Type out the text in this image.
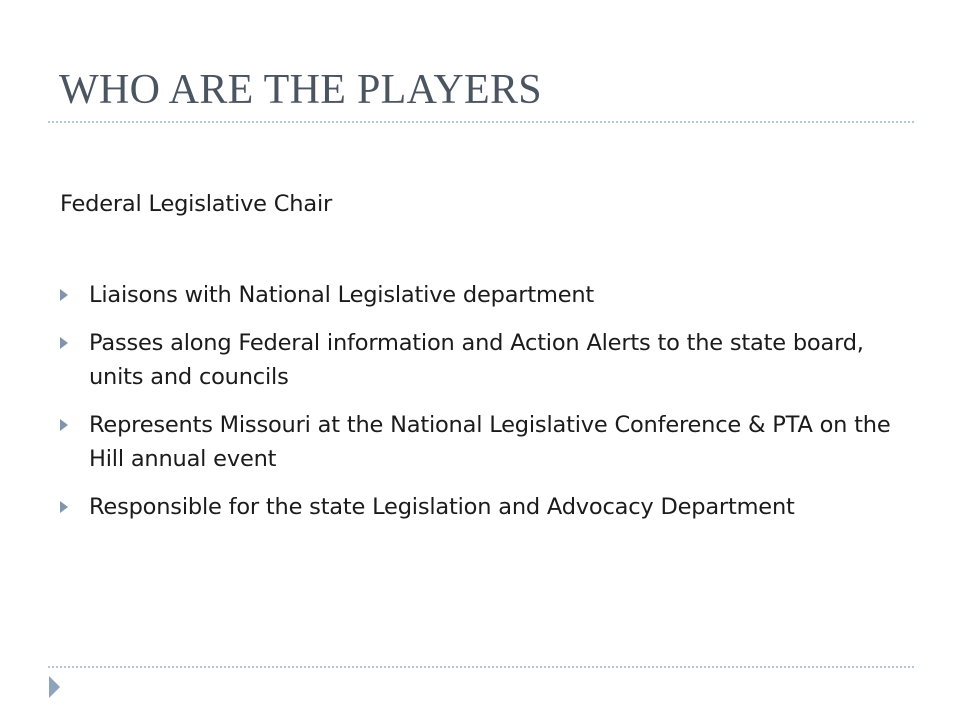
WHO ARE THE PLAYERS
Federal Legislative Chair
Liaisons with National Legislative department
Passes along Federal information and Action Alerts to the state board, units and councils
Represents Missouri at the National Legislative Conference & PTA on the Hill annual event
Responsible for the state Legislation and Advocacy Department
